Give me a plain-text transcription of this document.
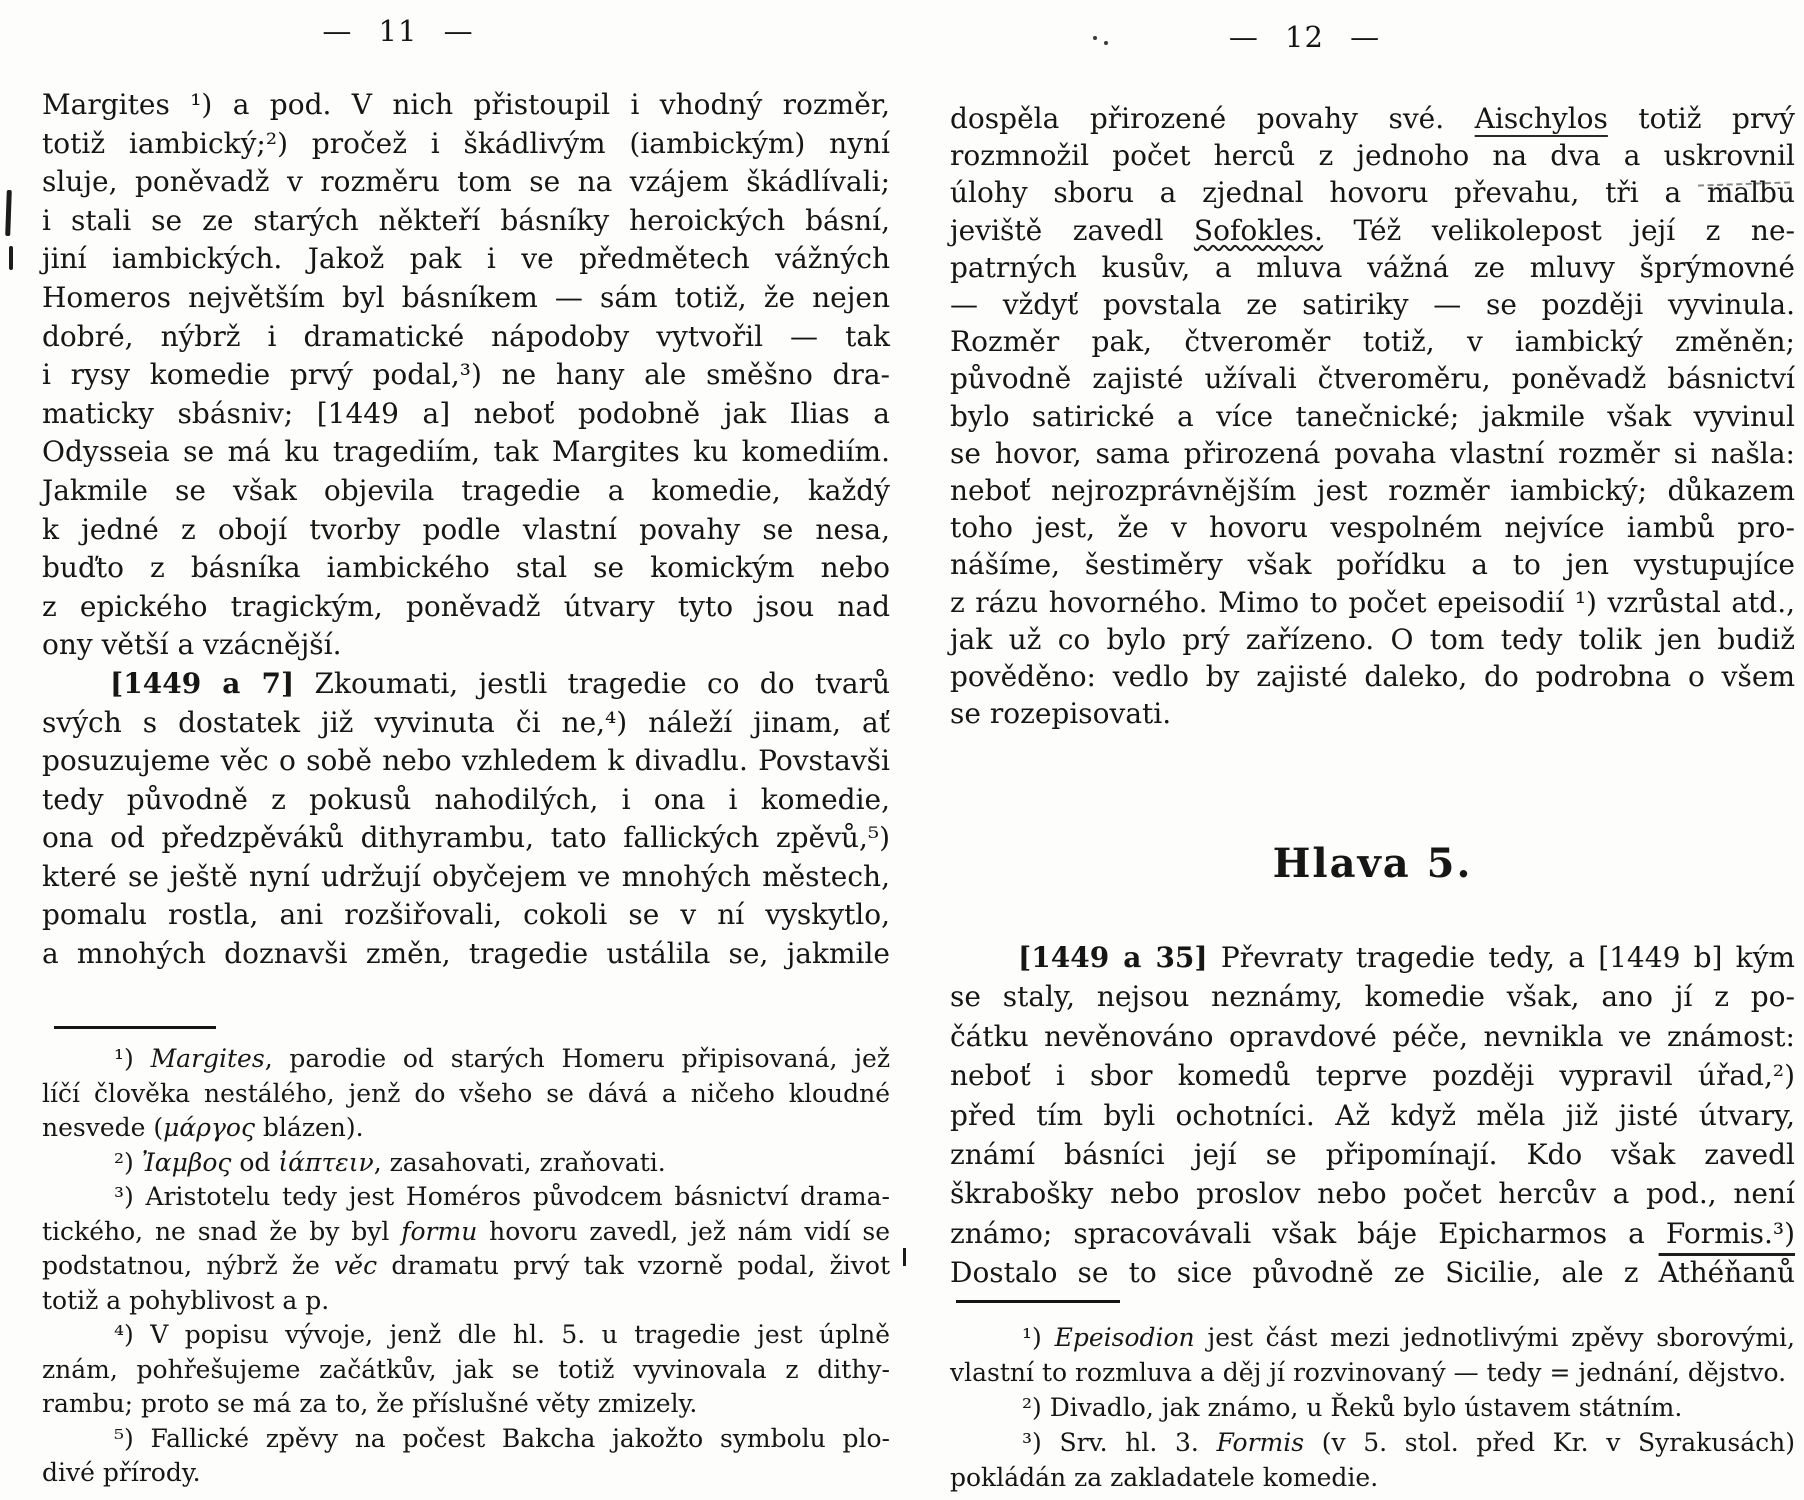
— 11 —
Margites ¹) a pod. V nich přistoupil i vhodný rozměr,
totiž iambický;²) pročež i škádlivým (iambickým) nyní
sluje, poněvadž v rozměru tom se na vzájem škádlívali;
i stali se ze starých někteří básníky heroických básní,
jiní iambických. Jakož pak i ve předmětech vážných
Homeros největším byl básníkem — sám totiž, že nejen
dobré, nýbrž i dramatické nápodoby vytvořil — tak
i rysy komedie prvý podal,³) ne hany ale směšno dra-
maticky sbásniv; [1449 a] neboť podobně jak Ilias a
Odysseia se má ku tragediím, tak Margites ku komediím.
Jakmile se však objevila tragedie a komedie, každý
k jedné z obojí tvorby podle vlastní povahy se nesa,
buďto z básníka iambického stal se komickým nebo
z epického tragickým, poněvadž útvary tyto jsou nad
ony větší a vzácnější.
[1449 a 7] Zkoumati, jestli tragedie co do tvarů
svých s dostatek již vyvinuta či ne,⁴) náleží jinam, ať
posuzujeme věc o sobě nebo vzhledem k divadlu. Povstavši
tedy původně z pokusů nahodilých, i ona i komedie,
ona od předzpěváků dithyrambu, tato fallických zpěvů,⁵)
které se ještě nyní udržují obyčejem ve mnohých městech,
pomalu rostla, ani rozšiřovali, cokoli se v ní vyskytlo,
a mnohých doznavši změn, tragedie ustálila se, jakmile
¹) Margites, parodie od starých Homeru připisovaná, jež
líčí člověka nestálého, jenž do všeho se dává a ničeho kloudné
nesvede (μάργος blázen).
²) Ἰαμβος od ἰάπτειν, zasahovati, zraňovati.
³) Aristotelu tedy jest Homéros původcem básnictví drama-
tického, ne snad že by byl formu hovoru zavedl, jež nám vidí se
podstatnou, nýbrž že věc dramatu prvý tak vzorně podal, život
totiž a pohyblivost a p.
⁴) V popisu vývoje, jenž dle hl. 5. u tragedie jest úplně
znám, pohřešujeme začátkův, jak se totiž vyvinovala z dithy-
rambu; proto se má za to, že příslušné věty zmizely.
⁵) Fallické zpěvy na počest Bakcha jakožto symbolu plo-
divé přírody.
— 12 —
dospěla přirozené povahy své. Aischylos totiž prvý
rozmnožil počet herců z jednoho na dva a uskrovnil
úlohy sboru a zjednal hovoru převahu, tři a malbu
jeviště zavedl Sofokles. Též velikolepost její z ne-
patrných kusův, a mluva vážná ze mluvy šprýmovné
— vždyť povstala ze satiriky — se později vyvinula.
Rozměr pak, čtveroměr totiž, v iambický změněn;
původně zajisté užívali čtveroměru, poněvadž básnictví
bylo satirické a více tanečnické; jakmile však vyvinul
se hovor, sama přirozená povaha vlastní rozměr si našla:
neboť nejrozprávnějším jest rozměr iambický; důkazem
toho jest, že v hovoru vespolném nejvíce iambů pro-
nášíme, šestiměry však pořídku a to jen vystupujíce
z rázu hovorného. Mimo to počet epeisodií ¹) vzrůstal atd.,
jak už co bylo prý zařízeno. O tom tedy tolik jen budiž
pověděno: vedlo by zajisté daleko, do podrobna o všem
se rozepisovati.
Hlava 5.
[1449 a 35] Převraty tragedie tedy, a [1449 b] kým
se staly, nejsou neznámy, komedie však, ano jí z po-
čátku nevěnováno opravdové péče, nevnikla ve známost:
neboť i sbor komedů teprve později vypravil úřad,²)
před tím byli ochotníci. Až když měla již jisté útvary,
známí básníci její se připomínají. Kdo však zavedl
škrabošky nebo proslov nebo počet hercův a pod., není
známo; spracovávali však báje Epicharmos a Formis.³)
Dostalo se to sice původně ze Sicilie, ale z Athéňanů
¹) Epeisodion jest část mezi jednotlivými zpěvy sborovými,
vlastní to rozmluva a děj jí rozvinovaný — tedy = jednání, dějstvo.
²) Divadlo, jak známo, u Řeků bylo ústavem státním.
³) Srv. hl. 3. Formis (v 5. stol. před Kr. v Syrakusách)
pokládán za zakladatele komedie.
